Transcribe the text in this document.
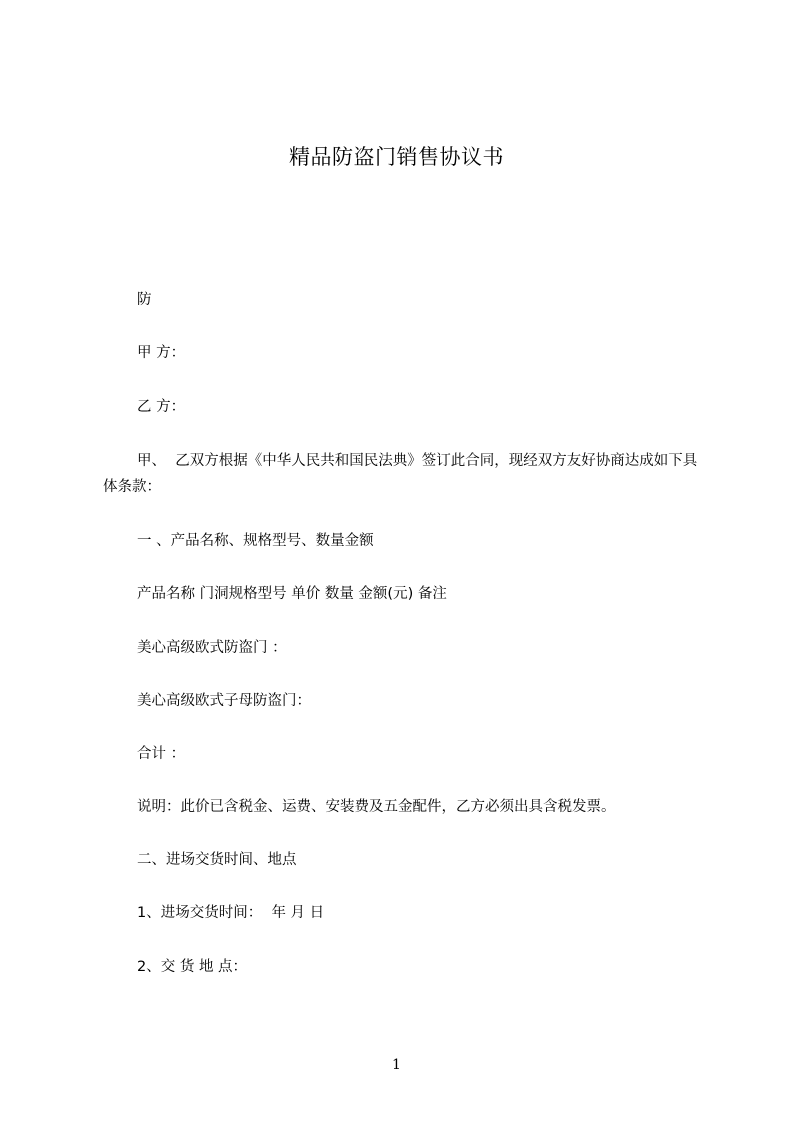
精品防盗门销售协议书
防
甲 方：
乙 方：
甲、  乙双方根据《中华人民共和国民法典》签订此合同，现经双方友好协商达成如下具体条款：
一 、产品名称、规格型号、数量金额
产品名称 门洞规格型号 单价 数量 金额(元) 备注
美心高级欧式防盗门 ：
美心高级欧式子母防盗门：
合计 ：
说明：此价已含税金、运费、安装费及五金配件，乙方必须出具含税发票。
二、进场交货时间、地点
1、进场交货时间：  年 月 日
2、交 货 地 点：
1
